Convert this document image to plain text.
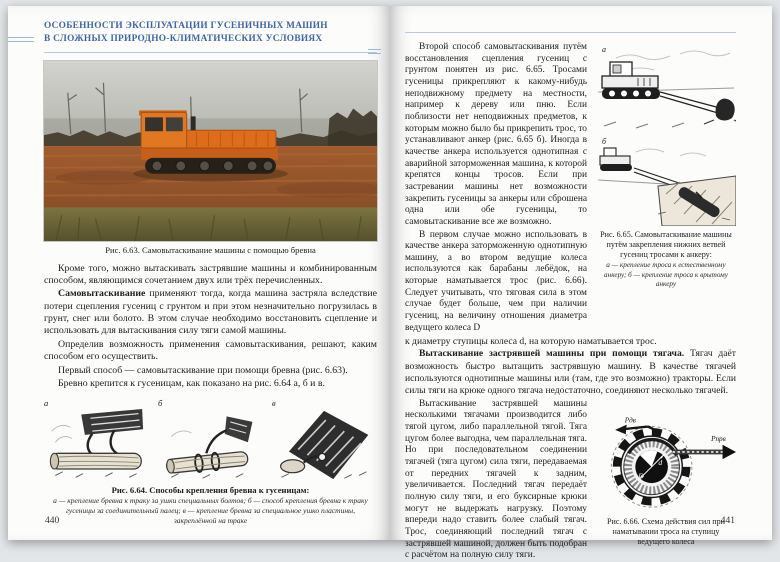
ОСОБЕННОСТИ ЭКСПЛУАТАЦИИ ГУСЕНИЧНЫХ МАШИН
В СЛОЖНЫХ ПРИРОДНО-КЛИМАТИЧЕСКИХ УСЛОВИЯХ
Рис. 6.63. Самовытаскивание машины с помощью бревна

Кроме того, можно вытаскивать застрявшие машины и комбинированным способом, являющимся сочетанием двух или трёх перечисленных.

Самовытаскивание применяют тогда, когда машина застряла вследствие потери сцепления гусениц с грунтом и при этом незначительно погрузилась в грунт, снег или болото. В этом случае необходимо восстановить сцепление и использовать для вытаскивания силу тяги самой машины.

Определив возможность применения самовытаскивания, решают, каким способом его осуществить.

Первый способ — самовытаскивание при помощи бревна (рис. 6.63).

Бревно крепится к гусеницам, как показано на рис. 6.64 а, б и в.

а	б	в
Рис. 6.64. Способы крепления бревна к гусеницам:
а — крепление бревна к траку за ушки специальных болтов; б — способ крепления бревна к траку гусеницы за соединительный палец; в — крепление бревна за специальное ушко пластины, закреплённой на траке
440

Второй способ самовытаскивания путём восстановления сцепления гусениц с грунтом понятен из рис. 6.65. Тросами гусеницы прикрепляют к какому-нибудь неподвижному предмету на местности, например к дереву или пню. Если поблизости нет неподвижных предметов, к которым можно было бы прикрепить трос, то устанавливают анкер (рис. 6.65 б). Иногда в качестве анкера используется однотипная с аварийной заторможенная машина, к которой крепятся концы тросов. Если при застревании машины нет возможности закрепить гусеницы за анкеры или сброшена одна или обе гусеницы, то самовытаскивание все же возможно.

В первом случае можно использовать в качестве анкера заторможенную однотипную машину, а во втором ведущие колеса используются как барабаны лебёдок, на которые наматывается трос (рис. 6.66). Следует учитывать, что тяговая сила в этом случае будет больше, чем при наличии гусениц, на величину отношения диаметра ведущего колеса D

а
б
Рис. 6.65. Самовытаскивание машины путём закрепления нижних ветвей гусениц тросами к анкеру:
а — крепление троса к естественному анкеру; б — крепление троса к врытому анкеру
к диаметру ступицы колеса d, на которую наматывается трос.

Вытаскивание застрявшей машины при помощи тягача. Тягач даёт возможность быстро вытащить застрявшую машину. В качестве тягачей используются однотипные машины или (там, где это возможно) тракторы. Если силы тяги на крюке одного тягача недостаточно, соединяют несколько тягачей.

Вытаскивание застрявшей машины несколькими тягачами производится либо тягой цугом, либо параллельной тягой. Тяга цугом более выгодна, чем параллельная тяга. Но при последовательном соединении тягачей (тяга цугом) сила тяги, передаваемая от передних тягачей к задним, увеличивается. Последний тягач передаёт полную силу тяги, и его буксирные крюки могут не выдержать нагрузку. Поэтому впереди надо ставить более слабый тягач. Трос, соединяющий последний тягач с застрявшей машиной, должен быть подобран с расчётом на полную силу тяги.

d
D
Pпрв
Pдв
Рис. 6.66. Схема действия сил при наматывании троса на ступицу ведущего колеса
441
